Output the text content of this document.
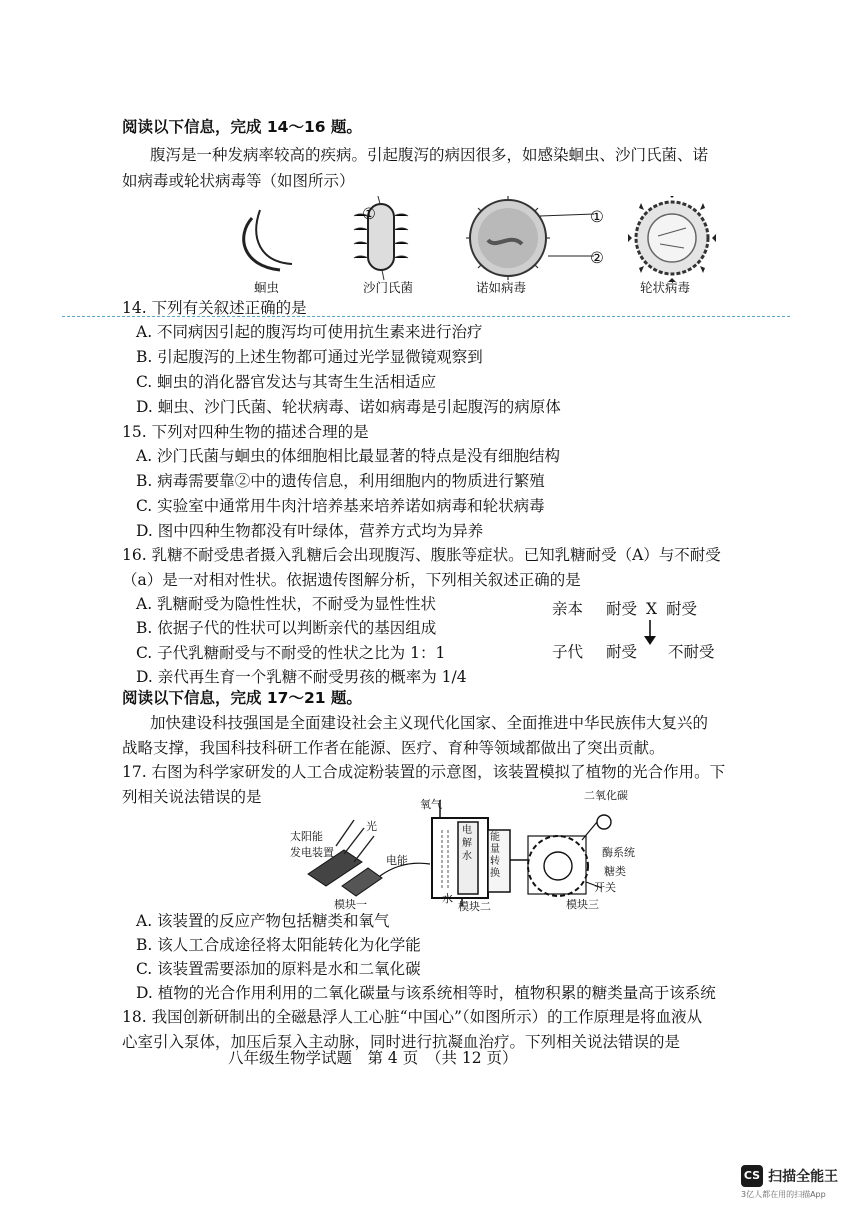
阅读以下信息，完成 14～16 题。
腹泻是一种发病率较高的疾病。引起腹泻的病因很多，如感染蛔虫、沙门氏菌、诺
如病毒或轮状病毒等（如图所示）
①	①
②
蛔虫	沙门氏菌	诺如病毒	轮状病毒
14. 下列有关叙述正确的是
A. 不同病因引起的腹泻均可使用抗生素来进行治疗
B. 引起腹泻的上述生物都可通过光学显微镜观察到
C. 蛔虫的消化器官发达与其寄生生活相适应
D. 蛔虫、沙门氏菌、轮状病毒、诺如病毒是引起腹泻的病原体
15. 下列对四种生物的描述合理的是
A. 沙门氏菌与蛔虫的体细胞相比最显著的特点是没有细胞结构
B. 病毒需要靠②中的遗传信息，利用细胞内的物质进行繁殖
C. 实验室中通常用牛肉汁培养基来培养诺如病毒和轮状病毒
D. 图中四种生物都没有叶绿体，营养方式均为异养
16. 乳糖不耐受患者摄入乳糖后会出现腹泻、腹胀等症状。已知乳糖耐受（A）与不耐受
（a）是一对相对性状。依据遗传图解分析，下列相关叙述正确的是
A. 乳糖耐受为隐性性状，不耐受为显性性状
B. 依据子代的性状可以判断亲代的基因组成
C. 子代乳糖耐受与不耐受的性状之比为 1：1
D. 亲代再生育一个乳糖不耐受男孩的概率为 1/4
亲本 耐受 X 耐受
子代 耐受 不耐受
阅读以下信息，完成 17～21 题。
加快建设科技强国是全面建设社会主义现代化国家、全面推进中华民族伟大复兴的
战略支撑，我国科技科研工作者在能源、医疗、育种等领域都做出了突出贡献。
17. 右图为科学家研发的人工合成淀粉装置的示意图，该装置模拟了植物的光合作用。下
列相关说法错误的是	二氧化碳
氧气
光
太阳能
发电装置
电能
电解水
能量转换
酶系统
糖类
开关
水
模块一	模块二	模块三
A. 该装置的反应产物包括糖类和氧气
B. 该人工合成途径将太阳能转化为化学能
C. 该装置需要添加的原料是水和二氧化碳
D. 植物的光合作用利用的二氧化碳量与该系统相等时，植物积累的糖类量高于该系统
18. 我国创新研制出的全磁悬浮人工心脏“中国心”（如图所示）的工作原理是将血液从
心室引入泵体，加压后泵入主动脉，同时进行抗凝血治疗。下列相关说法错误的是
八年级生物学试题　第 4 页　（共 12 页）
CS 扫描全能王
3亿人都在用的扫描App
